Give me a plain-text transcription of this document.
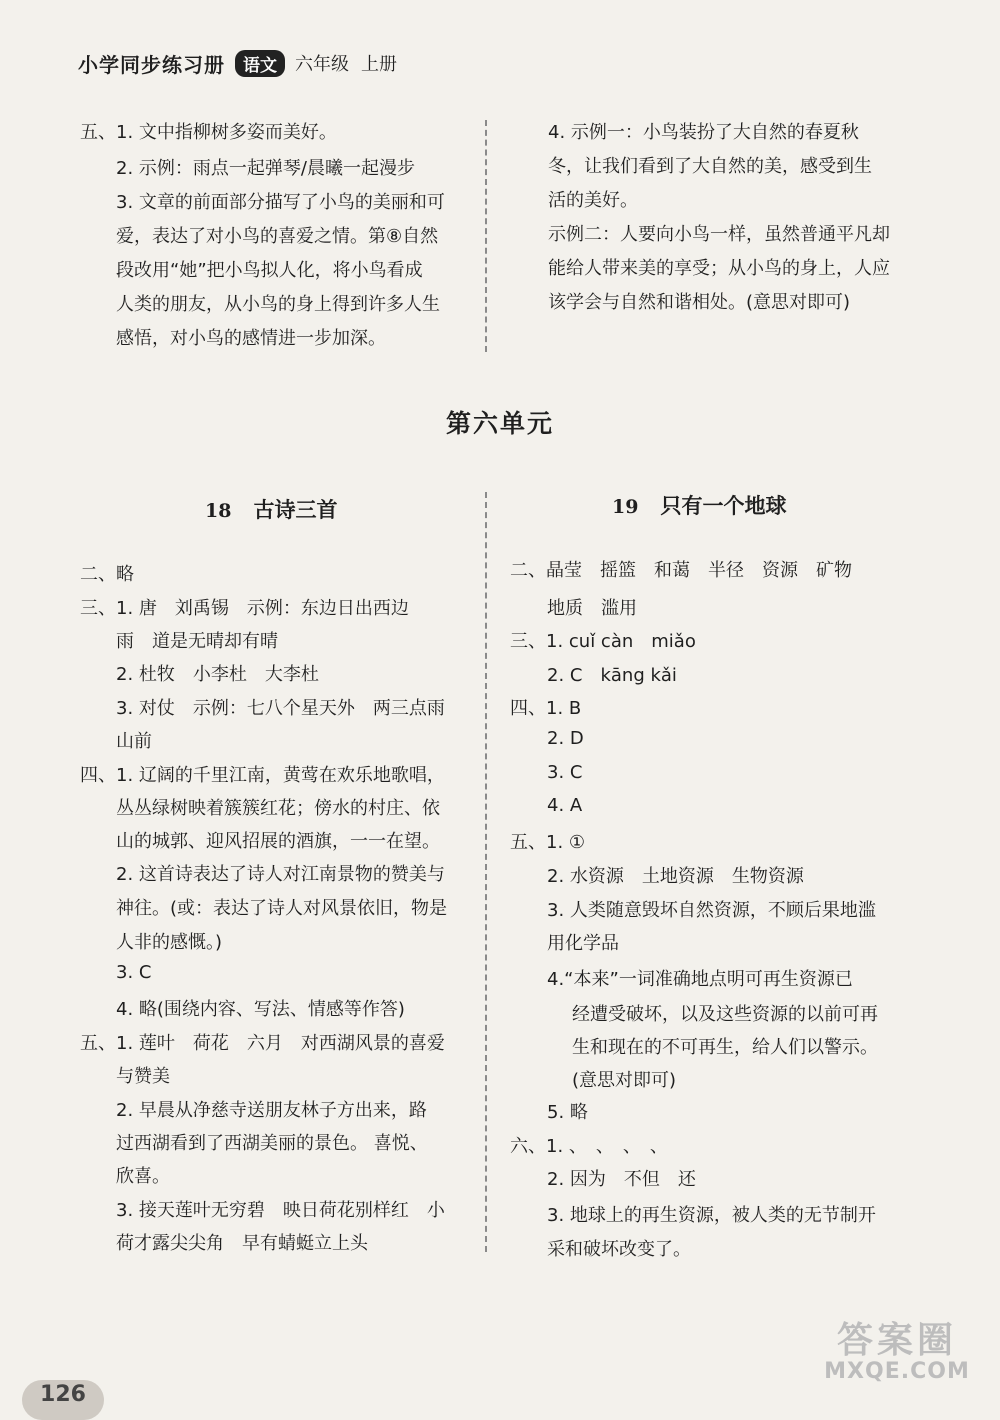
小学同步练习册	语文	六年级 上册
五、1. 文中指柳树多姿而美好。
2. 示例：雨点一起弹琴/晨曦一起漫步
3. 文章的前面部分描写了小鸟的美丽和可
爱，表达了对小鸟的喜爱之情。第⑧自然
段改用“她”把小鸟拟人化，将小鸟看成
人类的朋友，从小鸟的身上得到许多人生
感悟，对小鸟的感情进一步加深。
4. 示例一：小鸟装扮了大自然的春夏秋
冬，让我们看到了大自然的美，感受到生
活的美好。
示例二：人要向小鸟一样，虽然普通平凡却
能给人带来美的享受；从小鸟的身上，人应
该学会与自然和谐相处。(意思对即可)
第六单元
18 古诗三首	19 只有一个地球
二、略
三、1. 唐　刘禹锡　示例：东边日出西边
雨　道是无晴却有晴
2. 杜牧　小李杜　大李杜
3. 对仗　示例：七八个星天外　两三点雨
山前
四、1. 辽阔的千里江南，黄莺在欢乐地歌唱，
丛丛绿树映着簇簇红花；傍水的村庄、依
山的城郭、迎风招展的酒旗，一一在望。
2. 这首诗表达了诗人对江南景物的赞美与
神往。(或：表达了诗人对风景依旧，物是
人非的感慨。)
3. C
4. 略(围绕内容、写法、情感等作答)
五、1. 莲叶　荷花　六月　对西湖风景的喜爱
与赞美
2. 早晨从净慈寺送朋友林子方出来，路
过西湖看到了西湖美丽的景色。 喜悦、
欣喜。
3. 接天莲叶无穷碧　映日荷花别样红　小
荷才露尖尖角　早有蜻蜓立上头
二、晶莹　摇篮　和蔼　半径　资源　矿物
地质　滥用
三、1. cuǐ càn　miǎo
2. C　kāng kǎi
四、1. B
2. D
3. C
4. A
五、1. ①
2. 水资源　土地资源　生物资源
3. 人类随意毁坏自然资源，不顾后果地滥
用化学品
4.“本来”一词准确地点明可再生资源已
经遭受破坏，以及这些资源的以前可再
生和现在的不可再生，给人们以警示。
(意思对即可)
5. 略
六、1. 、　、　、　、
2. 因为　不但　还
3. 地球上的再生资源，被人类的无节制开
采和破坏改变了。
126
答案圈
MXQE.COM
